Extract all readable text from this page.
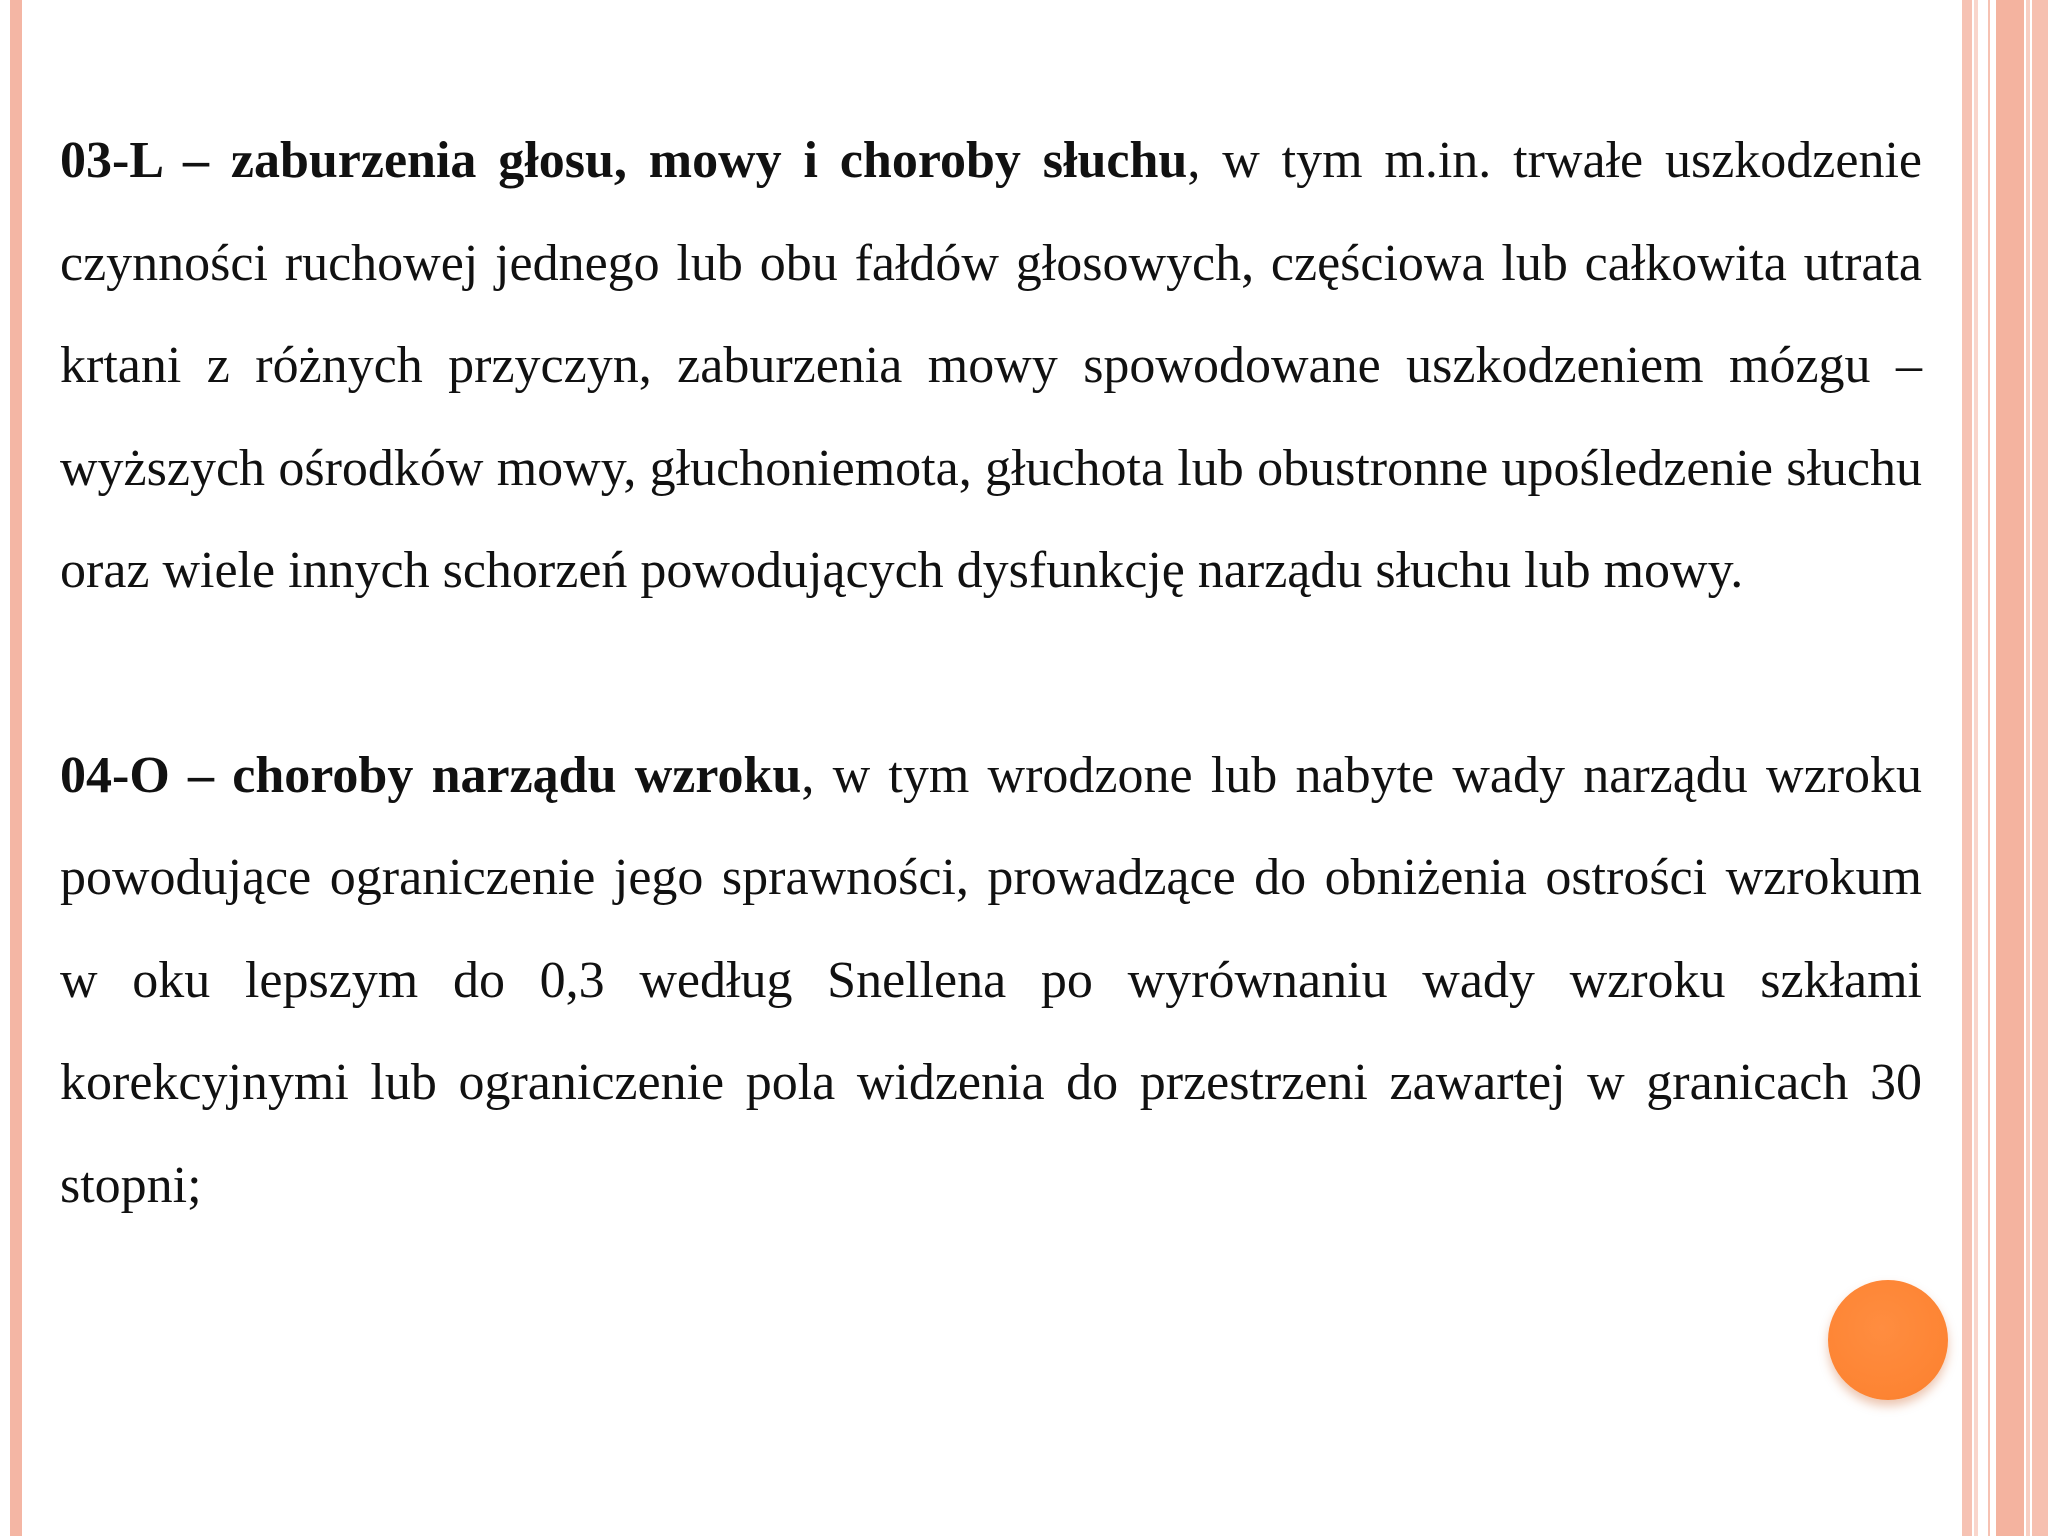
03-L – zaburzenia głosu, mowy i choroby słuchu, w tym m.in. trwałe uszkodzenie czynności ruchowej jednego lub obu fałdów głosowych, częściowa lub całkowita utrata krtani z różnych przyczyn, zaburzenia mowy spowodowane uszkodzeniem mózgu – wyższych ośrodków mowy, głuchoniemota, głuchota lub obustronne upośledzenie słuchu oraz wiele innych schorzeń powodujących dysfunkcję narządu słuchu lub mowy.

04-O – choroby narządu wzroku, w tym wrodzone lub nabyte wady narządu wzroku powodujące ograniczenie jego sprawności, prowadzące do obniżenia ostrości wzrokum w oku lepszym do 0,3 według Snellena po wyrównaniu wady wzroku szkłami korekcyjnymi lub ograniczenie pola widzenia do przestrzeni zawartej w granicach 30 stopni;
